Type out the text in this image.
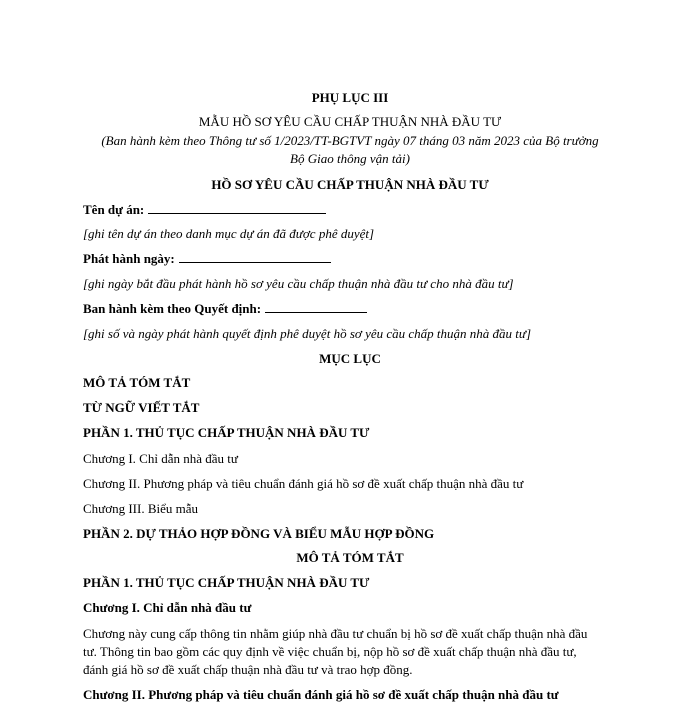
PHỤ LỤC III
MẪU HỒ SƠ YÊU CẦU CHẤP THUẬN NHÀ ĐẦU TƯ
(Ban hành kèm theo Thông tư số 1/2023/TT-BGTVT ngày 07 tháng 03 năm 2023 của Bộ trưởng
Bộ Giao thông vận tải)
HỒ SƠ YÊU CẦU CHẤP THUẬN NHÀ ĐẦU TƯ
Tên dự án:
[ghi tên dự án theo danh mục dự án đã được phê duyệt]
Phát hành ngày:
[ghi ngày bắt đầu phát hành hồ sơ yêu cầu chấp thuận nhà đầu tư cho nhà đầu tư]
Ban hành kèm theo Quyết định:
[ghi số và ngày phát hành quyết định phê duyệt hồ sơ yêu cầu chấp thuận nhà đầu tư]
MỤC LỤC
MÔ TẢ TÓM TẮT
TỪ NGỮ VIẾT TẮT
PHẦN 1. THỦ TỤC CHẤP THUẬN NHÀ ĐẦU TƯ
Chương I. Chỉ dẫn nhà đầu tư
Chương II. Phương pháp và tiêu chuẩn đánh giá hồ sơ đề xuất chấp thuận nhà đầu tư
Chương III. Biểu mẫu
PHẦN 2. DỰ THẢO HỢP ĐỒNG VÀ BIỂU MẪU HỢP ĐỒNG
MÔ TẢ TÓM TẮT
PHẦN 1. THỦ TỤC CHẤP THUẬN NHÀ ĐẦU TƯ
Chương I. Chỉ dẫn nhà đầu tư
Chương này cung cấp thông tin nhằm giúp nhà đầu tư chuẩn bị hồ sơ đề xuất chấp thuận nhà đầu
tư. Thông tin bao gồm các quy định về việc chuẩn bị, nộp hồ sơ đề xuất chấp thuận nhà đầu tư,
đánh giá hồ sơ đề xuất chấp thuận nhà đầu tư và trao hợp đồng.
Chương II. Phương pháp và tiêu chuẩn đánh giá hồ sơ đề xuất chấp thuận nhà đầu tư
